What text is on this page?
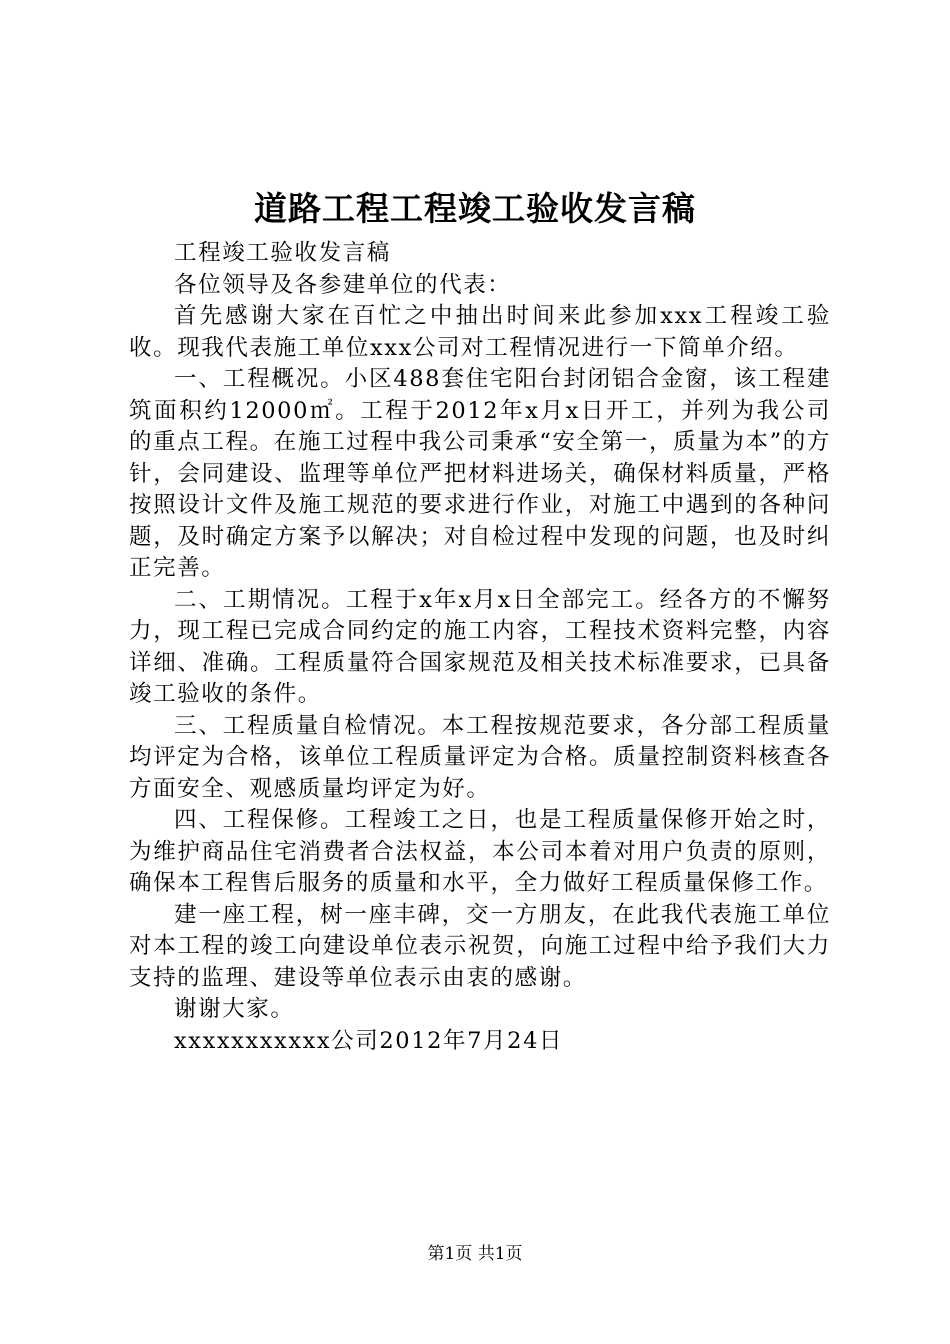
道路工程工程竣工验收发言稿

工程竣工验收发言稿

各位领导及各参建单位的代表：

首先感谢大家在百忙之中抽出时间来此参加xxx工程竣工验收。现我代表施工单位xxx公司对工程情况进行一下简单介绍。

一、工程概况。小区488套住宅阳台封闭铝合金窗，该工程建筑面积约12000㎡。工程于2012年x月x日开工，并列为我公司的重点工程。在施工过程中我公司秉承“安全第一，质量为本”的方针，会同建设、监理等单位严把材料进场关，确保材料质量，严格按照设计文件及施工规范的要求进行作业，对施工中遇到的各种问题，及时确定方案予以解决；对自检过程中发现的问题，也及时纠正完善。

二、工期情况。工程于x年x月x日全部完工。经各方的不懈努力，现工程已完成合同约定的施工内容，工程技术资料完整，内容详细、准确。工程质量符合国家规范及相关技术标准要求，已具备竣工验收的条件。

三、工程质量自检情况。本工程按规范要求，各分部工程质量均评定为合格，该单位工程质量评定为合格。质量控制资料核查各方面安全、观感质量均评定为好。

四、工程保修。工程竣工之日，也是工程质量保修开始之时，为维护商品住宅消费者合法权益，本公司本着对用户负责的原则，确保本工程售后服务的质量和水平，全力做好工程质量保修工作。

建一座工程，树一座丰碑，交一方朋友，在此我代表施工单位对本工程的竣工向建设单位表示祝贺，向施工过程中给予我们大力支持的监理、建设等单位表示由衷的感谢。

谢谢大家。

xxxxxxxxxxx公司2012年7月24日

第1页 共1页
